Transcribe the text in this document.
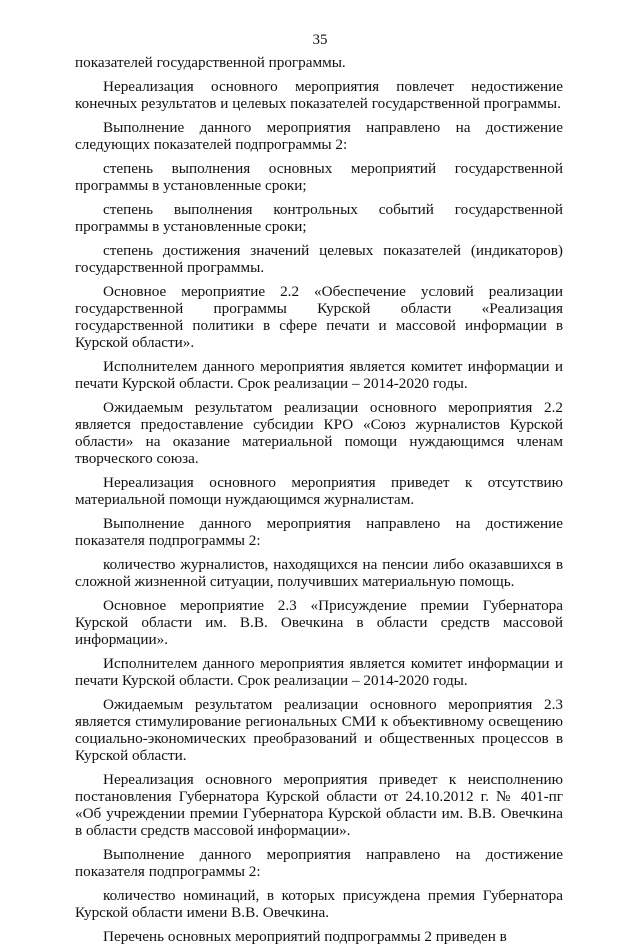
35

показателей государственной программы.

Нереализация основного мероприятия повлечет недостижение конечных результатов и целевых показателей государственной программы.

Выполнение данного мероприятия направлено на достижение следующих показателей подпрограммы 2:

степень выполнения основных мероприятий государственной программы в установленные сроки;

степень выполнения контрольных событий государственной программы в установленные сроки;

степень достижения значений целевых показателей (индикаторов) государственной программы.

Основное мероприятие 2.2 «Обеспечение условий реализации государственной программы Курской области «Реализация государственной политики в сфере печати и массовой информации в Курской области».

Исполнителем данного мероприятия является комитет информации и печати Курской области. Срок реализации – 2014-2020 годы.

Ожидаемым результатом реализации основного мероприятия 2.2 является предоставление субсидии КРО «Союз журналистов Курской области» на оказание материальной помощи нуждающимся членам творческого союза.

Нереализация основного мероприятия приведет к отсутствию материальной помощи нуждающимся журналистам.

Выполнение данного мероприятия направлено на достижение показателя подпрограммы 2:

количество журналистов, находящихся на пенсии либо оказавшихся в сложной жизненной ситуации, получивших материальную помощь.

Основное мероприятие 2.3 «Присуждение премии Губернатора Курской области им. В.В. Овечкина в области средств массовой информации».

Исполнителем данного мероприятия является комитет информации и печати Курской области. Срок реализации – 2014-2020 годы.

Ожидаемым результатом реализации основного мероприятия 2.3 является стимулирование региональных СМИ к объективному освещению социально-экономических преобразований и общественных процессов в Курской области.

Нереализация основного мероприятия приведет к неисполнению постановления Губернатора Курской области от 24.10.2012 г. № 401-пг «Об учреждении премии Губернатора Курской области им. В.В. Овечкина в области средств массовой информации».

Выполнение данного мероприятия направлено на достижение показателя подпрограммы 2:

количество номинаций, в которых присуждена премия Губернатора Курской области имени В.В. Овечкина.

Перечень основных мероприятий подпрограммы 2 приведен в
